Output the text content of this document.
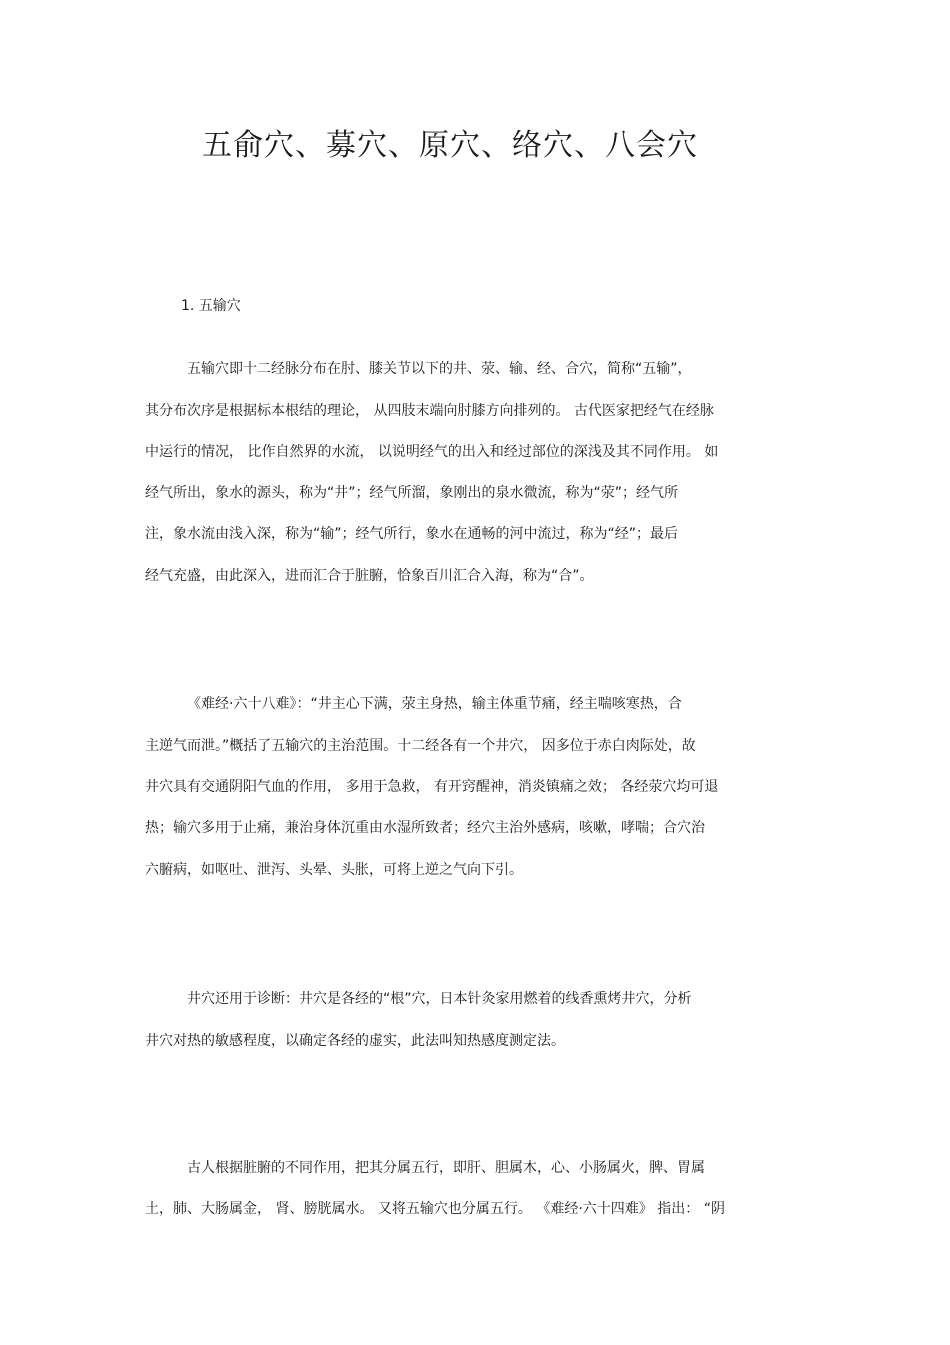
五俞穴、募穴、原穴、络穴、八会穴
1. 五输穴
五输穴即十二经脉分布在肘、膝关节以下的井、荥、输、经、合穴，简称“五输”，
其分布次序是根据标本根结的理论， 从四肢末端向肘膝方向排列的。 古代医家把经气在经脉
中运行的情况， 比作自然界的水流， 以说明经气的出入和经过部位的深浅及其不同作用。 如
经气所出，象水的源头，称为“井”；经气所溜，象刚出的泉水微流，称为“荥”；经气所
注，象水流由浅入深，称为“输”；经气所行，象水在通畅的河中流过，称为“经”；最后
经气充盛，由此深入，进而汇合于脏腑，恰象百川汇合入海，称为“合”。
《难经·六十八难》：“井主心下满，荥主身热，输主体重节痛，经主喘咳寒热，合
主逆气而泄。”概括了五输穴的主治范围。十二经各有一个井穴， 因多位于赤白肉际处，故
井穴具有交通阴阳气血的作用， 多用于急救， 有开窍醒神，消炎镇痛之效； 各经荥穴均可退
热；输穴多用于止痛，兼治身体沉重由水湿所致者；经穴主治外感病，咳嗽，哮喘；合穴治
六腑病，如呕吐、泄泻、头晕、头胀，可将上逆之气向下引。
井穴还用于诊断：井穴是各经的“根”穴，日本针灸家用燃着的线香熏烤井穴，分析
井穴对热的敏感程度，以确定各经的虚实，此法叫知热感度测定法。
古人根据脏腑的不同作用，把其分属五行，即肝、胆属木，心、小肠属火，脾、胃属
土，肺、大肠属金， 肾、膀胱属水。 又将五输穴也分属五行。 《难经·六十四难》 指出： “阴
